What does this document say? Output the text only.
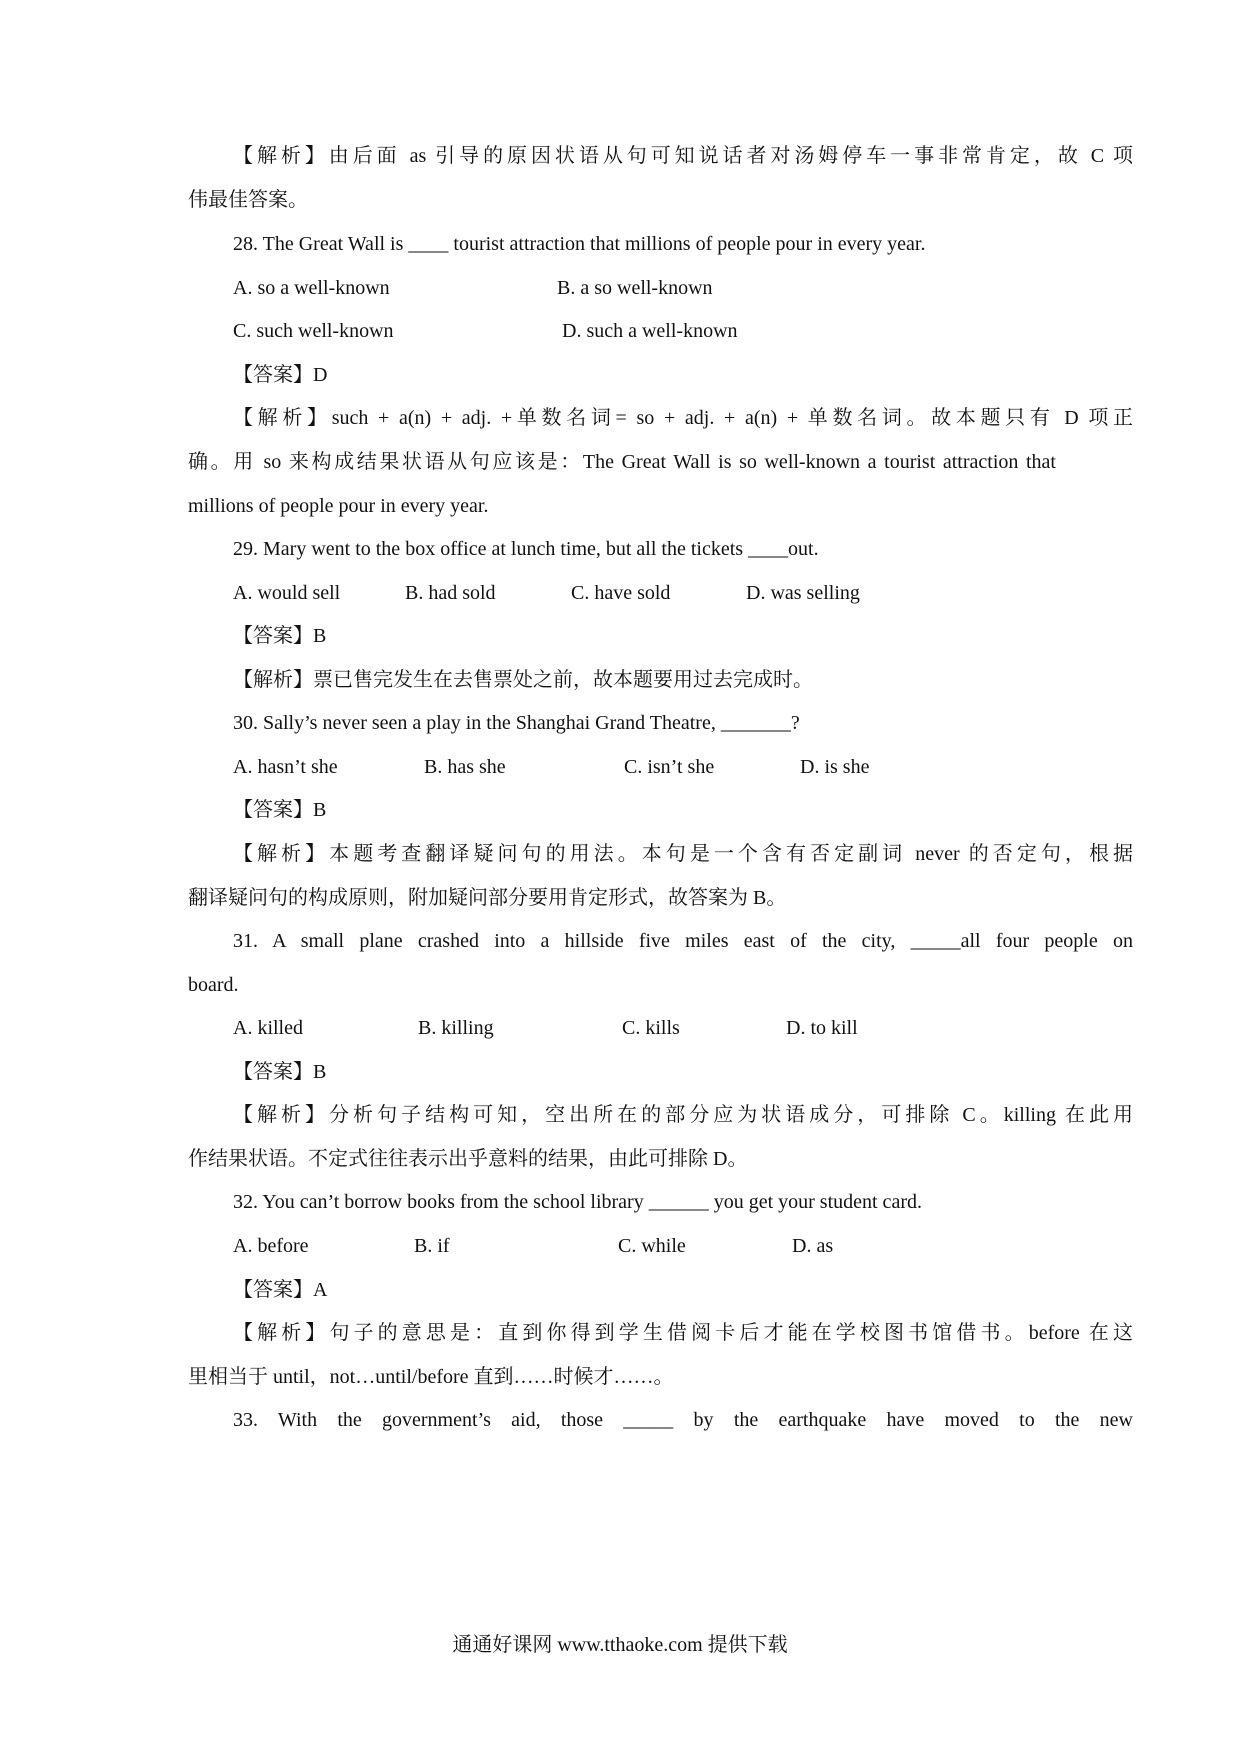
【解析】由后面 as 引导的原因状语从句可知说话者对汤姆停车一事非常肯定，故 C 项
伟最佳答案。
28. The Great Wall is ____ tourist attraction that millions of people pour in every year.
A. so a well-known	B. a so well-known
C. such well-known	D. such a well-known
【答案】D
【解析】such + a(n) + adj. +单数名词= so + adj. + a(n) + 单数名词。故本题只有 D 项正
确。用 so 来构成结果状语从句应该是：The Great Wall is so well-known a tourist attraction that
millions of people pour in every year.
29. Mary went to the box office at lunch time, but all the tickets ____out.
A. would sell	B. had sold	C. have sold	D. was selling
【答案】B
【解析】票已售完发生在去售票处之前，故本题要用过去完成时。
30. Sally’s never seen a play in the Shanghai Grand Theatre, _______?
A. hasn’t she	B. has she	C. isn’t she	D. is she
【答案】B
【解析】本题考查翻译疑问句的用法。本句是一个含有否定副词 never 的否定句，根据
翻译疑问句的构成原则，附加疑问部分要用肯定形式，故答案为 B。
31. A small plane crashed into a hillside five miles east of the city, _____all four people on
board.
A. killed	B. killing	C. kills	D. to kill
【答案】B
【解析】分析句子结构可知，空出所在的部分应为状语成分，可排除 C。killing 在此用
作结果状语。不定式往往表示出乎意料的结果，由此可排除 D。
32. You can’t borrow books from the school library ______ you get your student card.
A. before	B. if	C. while	D. as
【答案】A
【解析】句子的意思是：直到你得到学生借阅卡后才能在学校图书馆借书。before 在这
里相当于 until，not…until/before 直到……时候才……。
33. With the government’s aid, those _____ by the earthquake have moved to the new
通通好课网 www.tthaoke.com 提供下载
